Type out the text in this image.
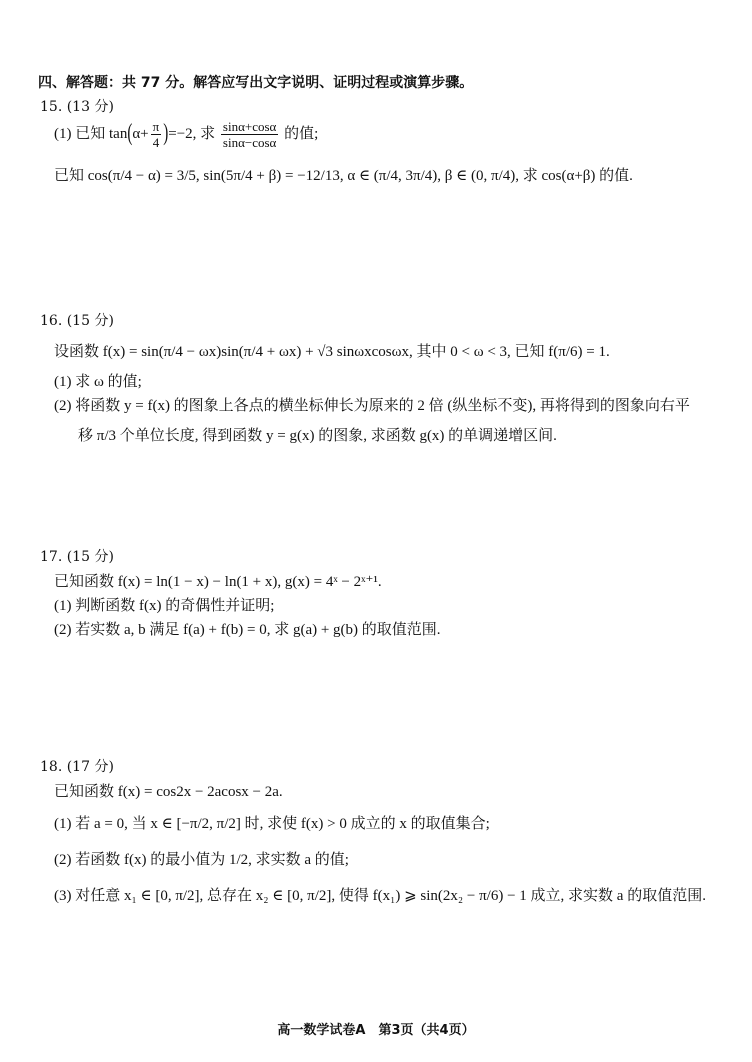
四、解答题：共 77 分。解答应写出文字说明、证明过程或演算步骤。
15. (13 分)
(1) 已知 $\tan(\alpha+ \frac{\pi}{4} )=-2$, 求 $\frac{\sin\alpha+\cos\alpha}{\sin\alpha-\cos\alpha}$ 的值;
已知 cos(π/4 − α) = 3/5, sin(5π/4 + β) = −12/13, α ∈ (π/4, 3π/4), β ∈ (0, π/4), 求 cos(α+β) 的值.
16. (15 分)
设函数 f(x) = sin(π/4 − ωx)sin(π/4 + ωx) + √3 sinωxcosωx, 其中 0 < ω < 3, 已知 f(π/6) = 1.
(1) 求 ω 的值;
(2) 将函数 y = f(x) 的图象上各点的横坐标伸长为原来的 2 倍 (纵坐标不变), 再将得到的图象向右平
移 π/3 个单位长度, 得到函数 y = g(x) 的图象, 求函数 g(x) 的单调递增区间.
17. (15 分)
已知函数 f(x) = ln(1 − x) − ln(1 + x), g(x) = 4ˣ − 2ˣ⁺¹.
(1) 判断函数 f(x) 的奇偶性并证明;
(2) 若实数 a, b 满足 f(a) + f(b) = 0, 求 g(a) + g(b) 的取值范围.
18. (17 分)
已知函数 f(x) = cos2x − 2acosx − 2a.
(1) 若 a = 0, 当 x ∈ [−π/2, π/2] 时, 求使 f(x) > 0 成立的 x 的取值集合;
(2) 若函数 f(x) 的最小值为 1/2, 求实数 a 的值;
(3) 对任意 x₁ ∈ [0, π/2], 总存在 x₂ ∈ [0, π/2], 使得 f(x₁) ⩾ sin(2x₂ − π/6) − 1 成立, 求实数 a 的取值范围.
高一数学试卷A　第3页（共4页）
